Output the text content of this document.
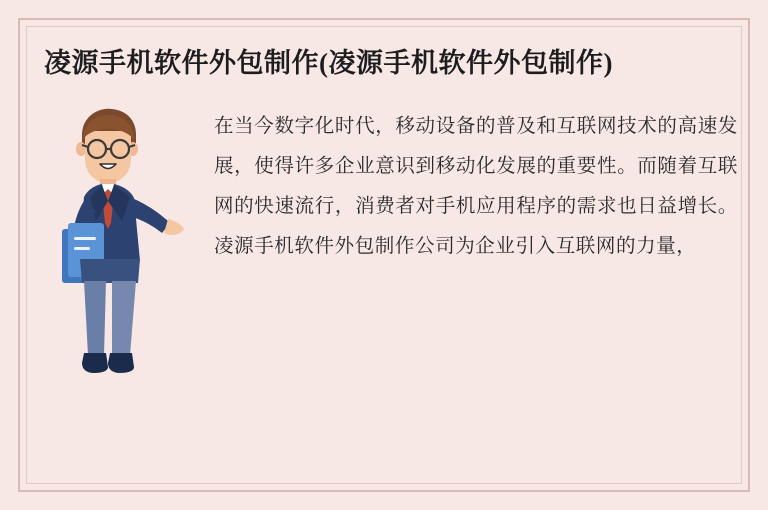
凌源手机软件外包制作(凌源手机软件外包制作)

在当今数字化时代，移动设备的普及和互联网技术的高速发展，使得许多企业意识到移动化发展的重要性。而随着互联网的快速流行，消费者对手机应用程序的需求也日益增长。凌源手机软件外包制作公司为企业引入互联网的力量，
